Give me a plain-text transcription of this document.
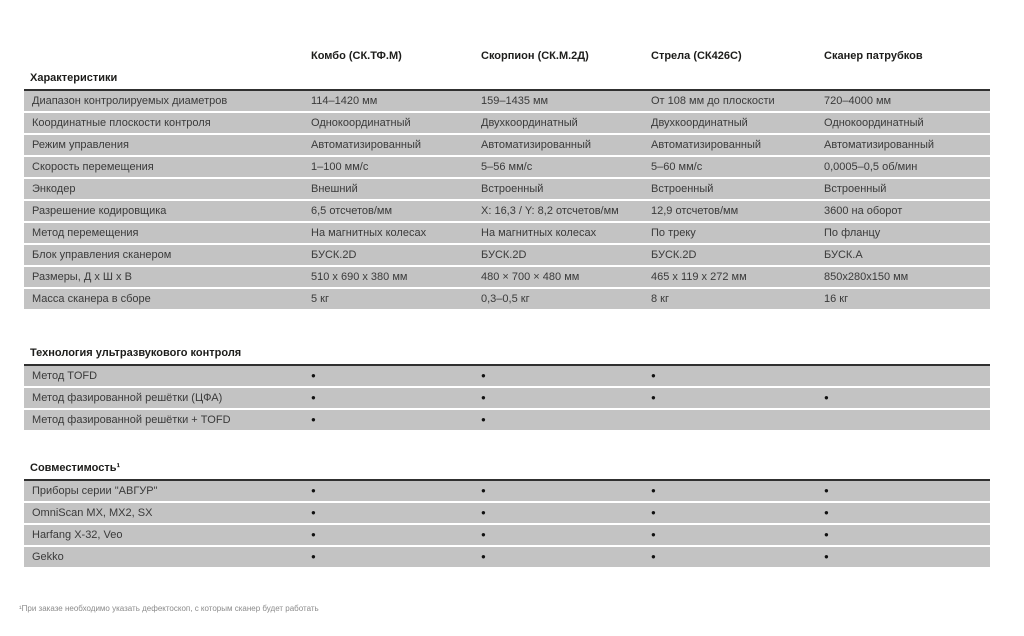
Комбо (СК.ТФ.М)	Скорпион (СК.М.2Д)	Стрела (СК426С)	Сканер патрубков
Характеристики
Диапазон контролируемых диаметров	114–1420 мм	159–1435 мм	От 108 мм до плоскости	720–4000 мм
Координатные плоскости контроля	Однокоординатный	Двухкоординатный	Двухкоординатный	Однокоординатный
Режим управления	Автоматизированный	Автоматизированный	Автоматизированный	Автоматизированный
Скорость перемещения	1–100 мм/с	5–56 мм/с	5–60 мм/с	0,0005–0,5 об/мин
Энкодер	Внешний	Встроенный	Встроенный	Встроенный
Разрешение кодировщика	6,5 отсчетов/мм	X: 16,3 / Y: 8,2 отсчетов/мм	12,9 отсчетов/мм	3600 на оборот
Метод перемещения	На магнитных колесах	На магнитных колесах	По треку	По фланцу
Блок управления сканером	БУСК.2D	БУСК.2D	БУСК.2D	БУСК.А
Размеры, Д х Ш х В	510 x 690 x 380 мм	480 × 700 × 480 мм	465 x 119 x 272 мм	850x280x150 мм
Масса сканера в сборе	5 кг	0,3–0,5 кг	8 кг	16 кг
Технология ультразвукового контроля
Метод TOFD	●	●	●
Метод фазированной решётки (ЦФА)	●	●	●	●
Метод фазированной решётки + TOFD	●	●
Совместимость¹
Приборы серии "АВГУР"	●	●	●	●
OmniScan MX, MX2, SX	●	●	●	●
Harfang X-32, Veo	●	●	●	●
Gekko	●	●	●	●
¹При заказе необходимо указать дефектоскоп, с которым сканер будет работать
